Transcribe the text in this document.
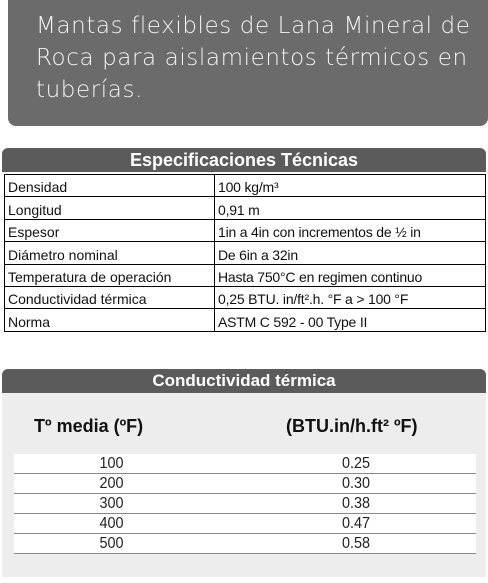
Mantas flexibles de Lana Mineral de Roca para aislamientos térmicos en tuberías.
Especificaciones Técnicas
Densidad	100 kg/m³
Longitud	0,91 m
Espesor	1in a 4in con incrementos de ½ in
Diámetro nominal	De 6in a 32in
Temperatura de operación	Hasta 750°C en regimen continuo
Conductividad térmica	0,25 BTU. in/ft².h. °F a > 100 °F
Norma	ASTM C 592 - 00 Type II
Conductividad térmica
Tº media (ºF)	(BTU.in/h.ft² ºF)
100	0.25
200	0.30
300	0.38
400	0.47
500	0.58
